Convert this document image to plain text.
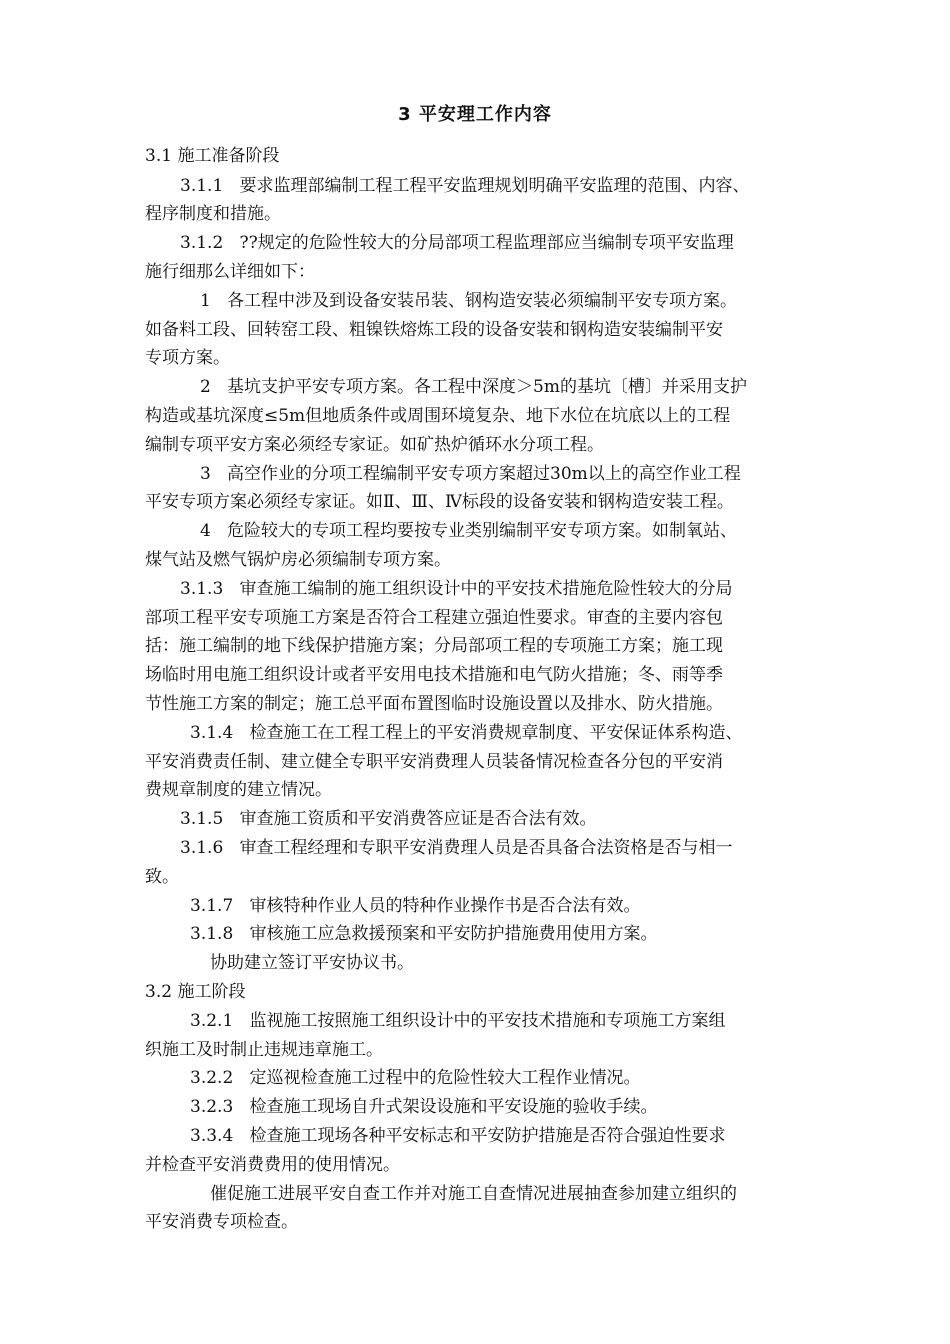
3 平安理工作内容
3.1 施工准备阶段
3.1.1   要求监理部编制工程工程平安监理规划明确平安监理的范围、内容、
程序制度和措施。
3.1.2   ??规定的危险性较大的分局部项工程监理部应当编制专项平安监理
施行细那么详细如下：
1   各工程中涉及到设备安装吊装、钢构造安装必须编制平安专项方案。
如备料工段、回转窑工段、粗镍铁熔炼工段的设备安装和钢构造安装编制平安
专项方案。
2   基坑支护平安专项方案。各工程中深度＞5m的基坑〔槽〕并采用支护
构造或基坑深度≤5m但地质条件或周围环境复杂、地下水位在坑底以上的工程
编制专项平安方案必须经专家证。如矿热炉循环水分项工程。
3   高空作业的分项工程编制平安专项方案超过30m以上的高空作业工程
平安专项方案必须经专家证。如Ⅱ、Ⅲ、Ⅳ标段的设备安装和钢构造安装工程。
4   危险较大的专项工程均要按专业类别编制平安专项方案。如制氧站、
煤气站及燃气锅炉房必须编制专项方案。
3.1.3   审查施工编制的施工组织设计中的平安技术措施危险性较大的分局
部项工程平安专项施工方案是否符合工程建立强迫性要求。审查的主要内容包
括：施工编制的地下线保护措施方案；分局部项工程的专项施工方案；施工现
场临时用电施工组织设计或者平安用电技术措施和电气防火措施；冬、雨等季
节性施工方案的制定；施工总平面布置图临时设施设置以及排水、防火措施。
3.1.4   检查施工在工程工程上的平安消费规章制度、平安保证体系构造、
平安消费责任制、建立健全专职平安消费理人员装备情况检查各分包的平安消
费规章制度的建立情况。
3.1.5   审查施工资质和平安消费答应证是否合法有效。
3.1.6   审查工程经理和专职平安消费理人员是否具备合法资格是否与相一
致。
3.1.7   审核特种作业人员的特种作业操作书是否合法有效。
3.1.8   审核施工应急救援预案和平安防护措施费用使用方案。
协助建立签订平安协议书。
3.2 施工阶段
3.2.1   监视施工按照施工组织设计中的平安技术措施和专项施工方案组
织施工及时制止违规违章施工。
3.2.2   定巡视检查施工过程中的危险性较大工程作业情况。
3.2.3   检查施工现场自升式架设设施和平安设施的验收手续。
3.3.4   检查施工现场各种平安标志和平安防护措施是否符合强迫性要求
并检查平安消费费用的使用情况。
催促施工进展平安自查工作并对施工自查情况进展抽查参加建立组织的
平安消费专项检查。
